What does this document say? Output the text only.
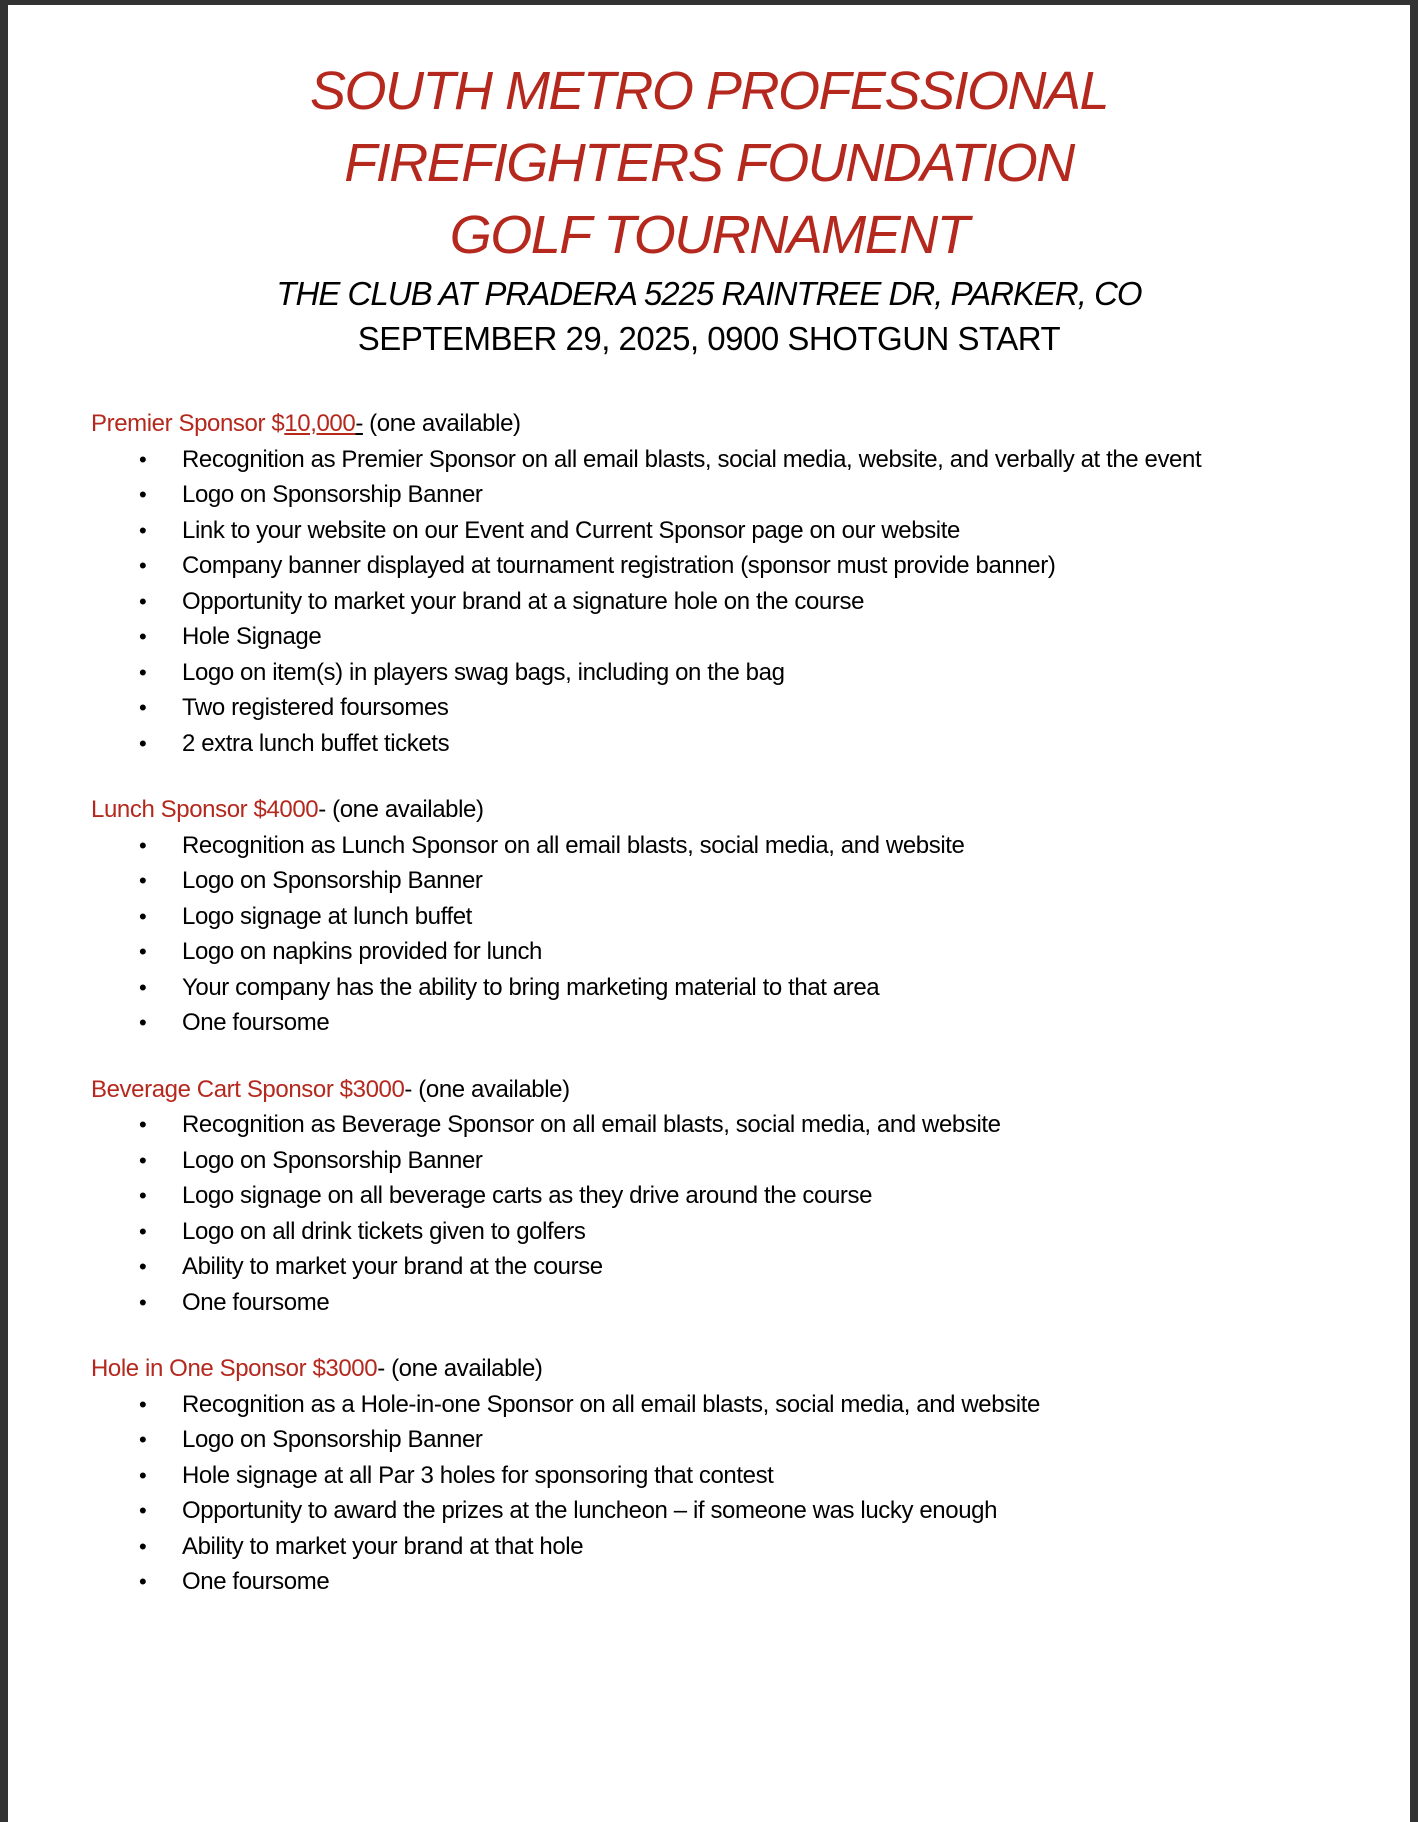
SOUTH METRO PROFESSIONAL
FIREFIGHTERS FOUNDATION
GOLF TOURNAMENT
THE CLUB AT PRADERA 5225 RAINTREE DR, PARKER, CO
SEPTEMBER 29, 2025, 0900 SHOTGUN START
Premier Sponsor $10,000- (one available)
• Recognition as Premier Sponsor on all email blasts, social media, website, and verbally at the event
• Logo on Sponsorship Banner
• Link to your website on our Event and Current Sponsor page on our website
• Company banner displayed at tournament registration (sponsor must provide banner)
• Opportunity to market your brand at a signature hole on the course
• Hole Signage
• Logo on item(s) in players swag bags, including on the bag
• Two registered foursomes
• 2 extra lunch buffet tickets
Lunch Sponsor $4000- (one available)
• Recognition as Lunch Sponsor on all email blasts, social media, and website
• Logo on Sponsorship Banner
• Logo signage at lunch buffet
• Logo on napkins provided for lunch
• Your company has the ability to bring marketing material to that area
• One foursome
Beverage Cart Sponsor $3000- (one available)
• Recognition as Beverage Sponsor on all email blasts, social media, and website
• Logo on Sponsorship Banner
• Logo signage on all beverage carts as they drive around the course
• Logo on all drink tickets given to golfers
• Ability to market your brand at the course
• One foursome
Hole in One Sponsor $3000- (one available)
• Recognition as a Hole-in-one Sponsor on all email blasts, social media, and website
• Logo on Sponsorship Banner
• Hole signage at all Par 3 holes for sponsoring that contest
• Opportunity to award the prizes at the luncheon – if someone was lucky enough
• Ability to market your brand at that hole
• One foursome
